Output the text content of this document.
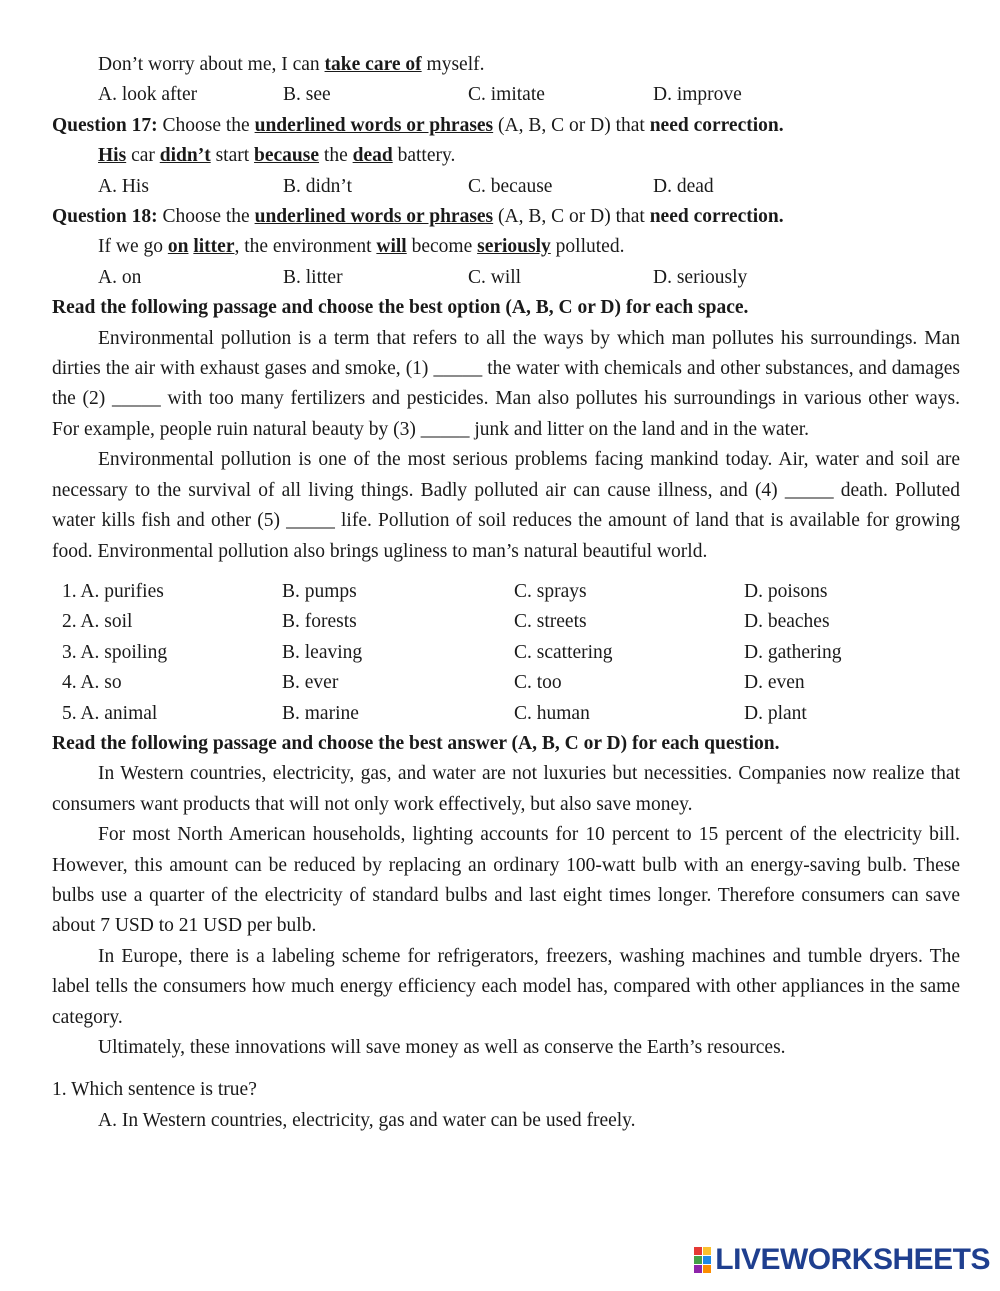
Don’t worry about me, I can take care of myself.
A. look after	B. see	C. imitate	D. improve
Question 17: Choose the underlined words or phrases (A, B, C or D) that need correction.
His car didn’t start because the dead battery.
A. His	B. didn’t	C. because	D. dead
Question 18: Choose the underlined words or phrases (A, B, C or D) that need correction.
If we go on litter, the environment will become seriously polluted.
A. on	B. litter	C. will	D. seriously
Read the following passage and choose the best option (A, B, C or D) for each space.

Environmental pollution is a term that refers to all the ways by which man pollutes his surroundings. Man dirties the air with exhaust gases and smoke, (1) _____ the water with chemicals and other substances, and damages the (2) _____ with too many fertilizers and pesticides. Man also pollutes his surroundings in various other ways. For example, people ruin natural beauty by (3) _____ junk and litter on the land and in the water.

Environmental pollution is one of the most serious problems facing mankind today. Air, water and soil are necessary to the survival of all living things. Badly polluted air can cause illness, and (4) _____ death. Polluted water kills fish and other (5) _____ life. Pollution of soil reduces the amount of land that is available for growing food. Environmental pollution also brings ugliness to man’s natural beautiful world.

1. A. purifies	B. pumps	C. sprays	D. poisons
2. A. soil	B. forests	C. streets	D. beaches
3. A. spoiling	B. leaving	C. scattering	D. gathering
4. A. so	B. ever	C. too	D. even
5. A. animal	B. marine	C. human	D. plant
Read the following passage and choose the best answer (A, B, C or D) for each question.

In Western countries, electricity, gas, and water are not luxuries but necessities. Companies now realize that consumers want products that will not only work effectively, but also save money.

For most North American households, lighting accounts for 10 percent to 15 percent of the electricity bill. However, this amount can be reduced by replacing an ordinary 100-watt bulb with an energy-saving bulb. These bulbs use a quarter of the electricity of standard bulbs and last eight times longer. Therefore consumers can save about 7 USD to 21 USD per bulb.

In Europe, there is a labeling scheme for refrigerators, freezers, washing machines and tumble dryers. The label tells the consumers how much energy efficiency each model has, compared with other appliances in the same category.

Ultimately, these innovations will save money as well as conserve the Earth’s resources.

1. Which sentence is true?
A. In Western countries, electricity, gas and water can be used freely.
LIVEWORKSHEETS
